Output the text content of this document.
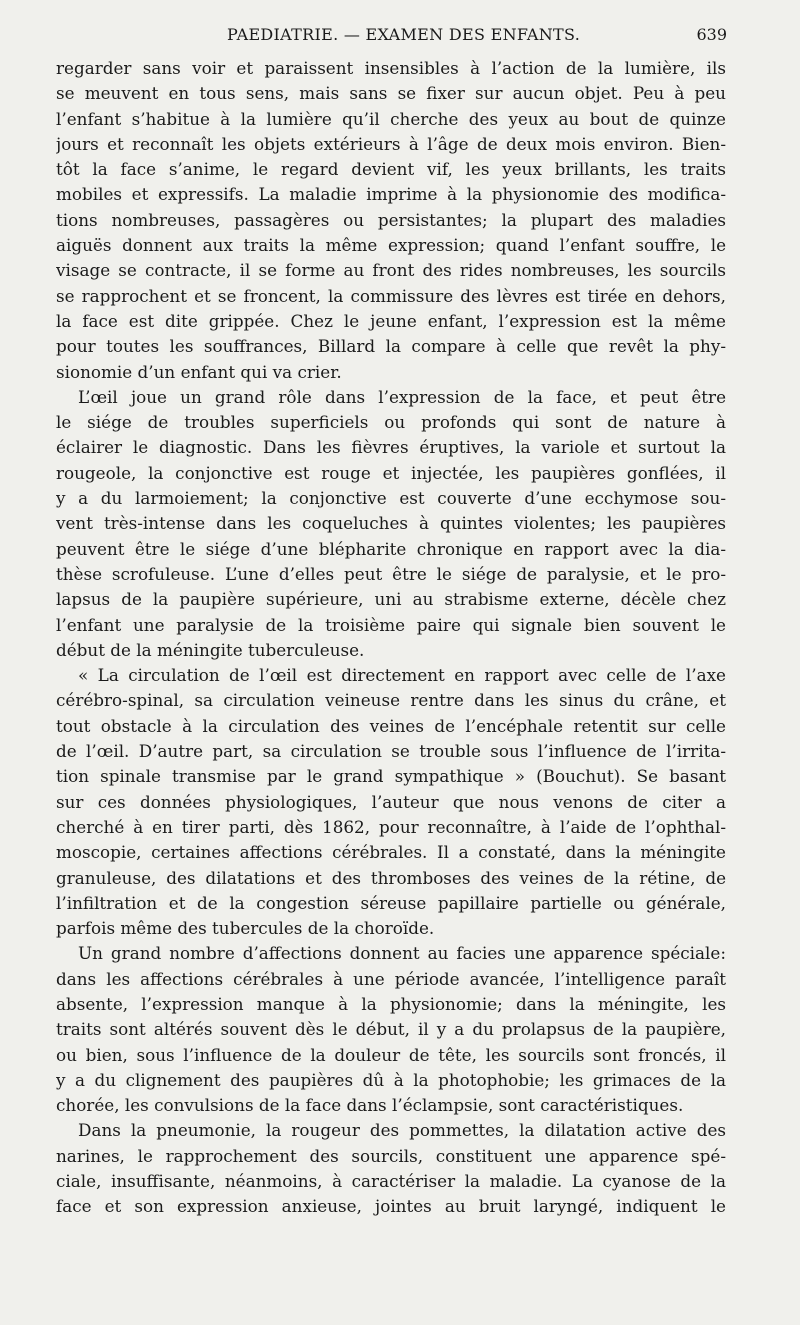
PAEDIATRIE. — EXAMEN DES ENFANTS.	639
regarder sans voir et paraissent insensibles à l’action de la lumière, ils
se meuvent en tous sens, mais sans se fixer sur aucun objet. Peu à peu
l’enfant s’habitue à la lumière qu’il cherche des yeux au bout de quinze
jours et reconnaît les objets extérieurs à l’âge de deux mois environ. Bien-
tôt la face s’anime, le regard devient vif, les yeux brillants, les traits
mobiles et expressifs. La maladie imprime à la physionomie des modifica-
tions nombreuses, passagères ou persistantes; la plupart des maladies
aiguës donnent aux traits la même expression; quand l’enfant souffre, le
visage se contracte, il se forme au front des rides nombreuses, les sourcils
se rapprochent et se froncent, la commissure des lèvres est tirée en dehors,
la face est dite grippée. Chez le jeune enfant, l’expression est la même
pour toutes les souffrances, Billard la compare à celle que revêt la phy-
sionomie d’un enfant qui va crier.
L’œil joue un grand rôle dans l’expression de la face, et peut être
le siége de troubles superficiels ou profonds qui sont de nature à
éclairer le diagnostic. Dans les fièvres éruptives, la variole et surtout la
rougeole, la conjonctive est rouge et injectée, les paupières gonflées, il
y a du larmoiement; la conjonctive est couverte d’une ecchymose sou-
vent très-intense dans les coqueluches à quintes violentes; les paupières
peuvent être le siége d’une blépharite chronique en rapport avec la dia-
thèse scrofuleuse. L’une d’elles peut être le siége de paralysie, et le pro-
lapsus de la paupière supérieure, uni au strabisme externe, décèle chez
l’enfant une paralysie de la troisième paire qui signale bien souvent le
début de la méningite tuberculeuse.
« La circulation de l’œil est directement en rapport avec celle de l’axe
cérébro-spinal, sa circulation veineuse rentre dans les sinus du crâne, et
tout obstacle à la circulation des veines de l’encéphale retentit sur celle
de l’œil. D’autre part, sa circulation se trouble sous l’influence de l’irrita-
tion spinale transmise par le grand sympathique » (Bouchut). Se basant
sur ces données physiologiques, l’auteur que nous venons de citer a
cherché à en tirer parti, dès 1862, pour reconnaître, à l’aide de l’ophthal-
moscopie, certaines affections cérébrales. Il a constaté, dans la méningite
granuleuse, des dilatations et des thromboses des veines de la rétine, de
l’infiltration et de la congestion séreuse papillaire partielle ou générale,
parfois même des tubercules de la choroïde.
Un grand nombre d’affections donnent au facies une apparence spéciale:
dans les affections cérébrales à une période avancée, l’intelligence paraît
absente, l’expression manque à la physionomie; dans la méningite, les
traits sont altérés souvent dès le début, il y a du prolapsus de la paupière,
ou bien, sous l’influence de la douleur de tête, les sourcils sont froncés, il
y a du clignement des paupières dû à la photophobie; les grimaces de la
chorée, les convulsions de la face dans l’éclampsie, sont caractéristiques.
Dans la pneumonie, la rougeur des pommettes, la dilatation active des
narines, le rapprochement des sourcils, constituent une apparence spé-
ciale, insuffisante, néanmoins, à caractériser la maladie. La cyanose de la
face et son expression anxieuse, jointes au bruit laryngé, indiquent le
